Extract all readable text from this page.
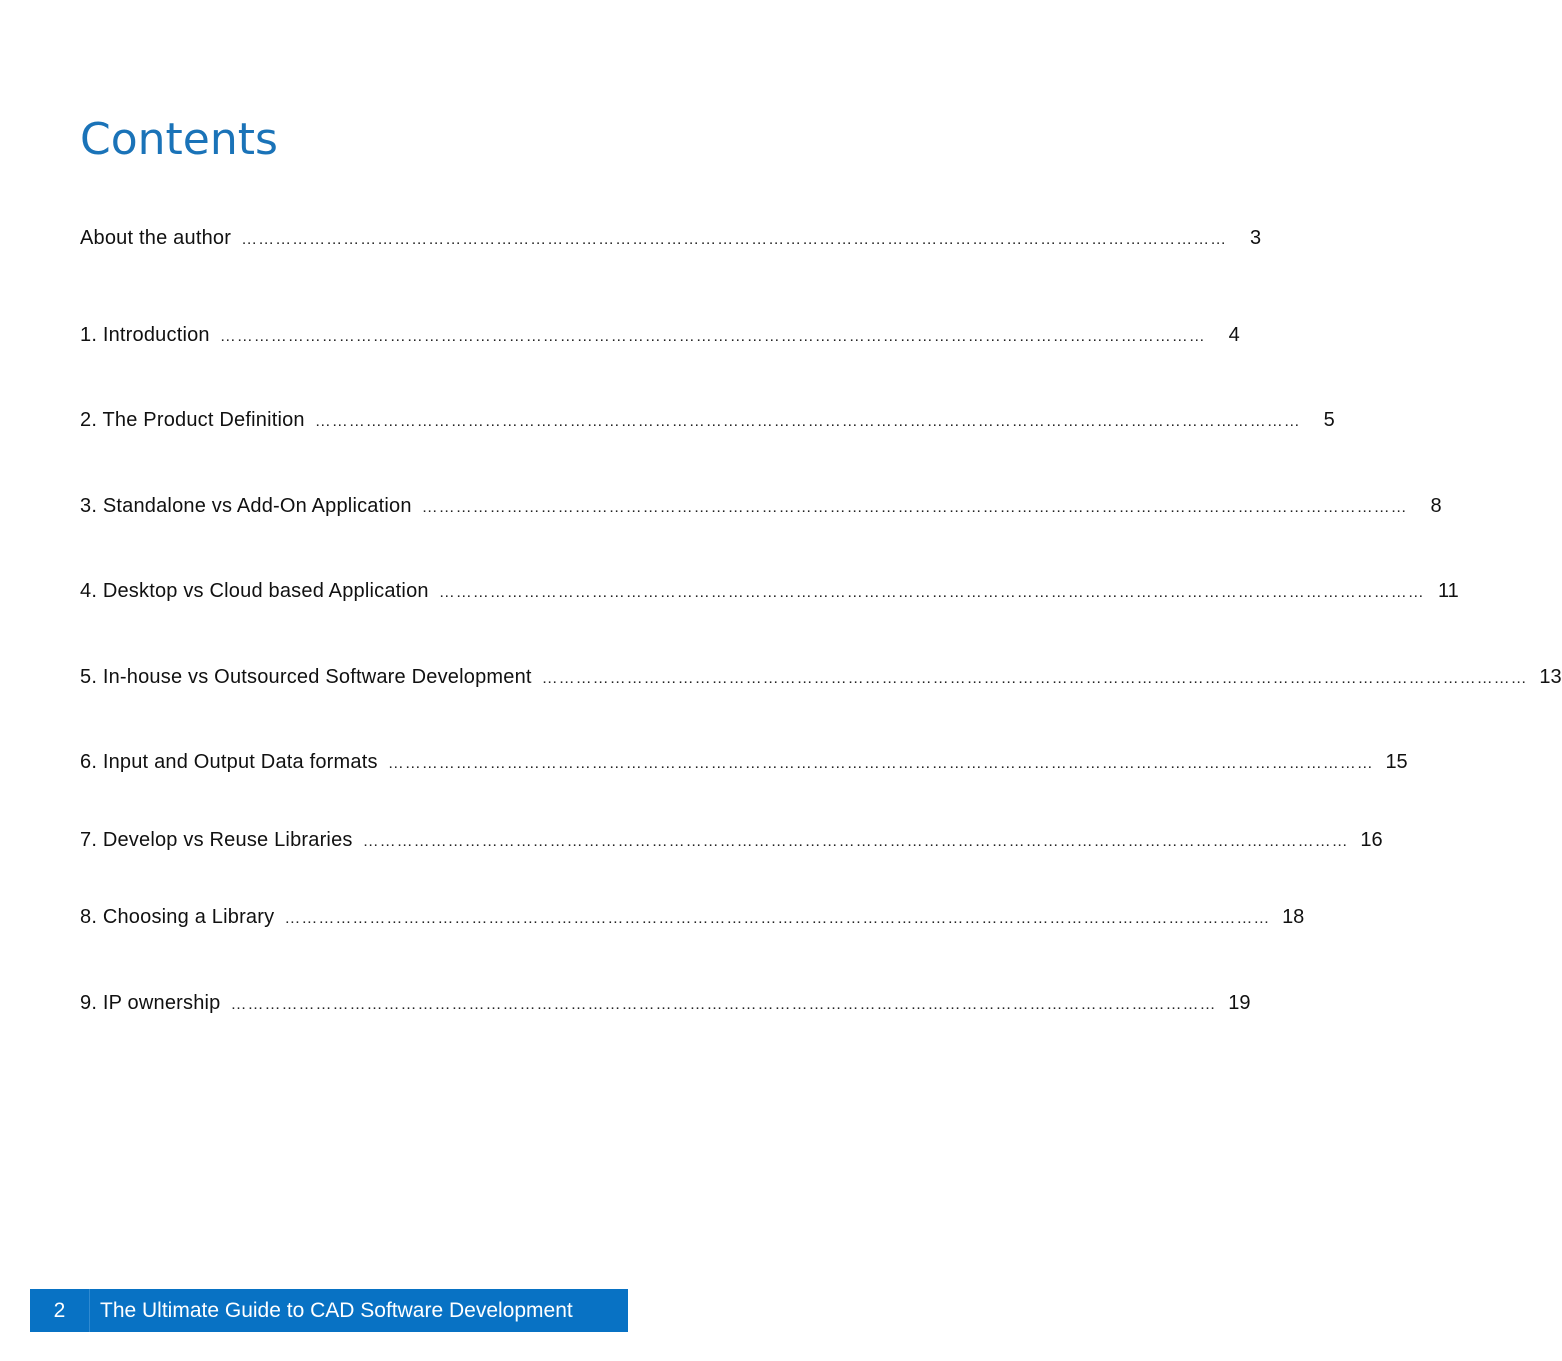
Contents
About the author …………………………………………………………………………………………………………………………………………………………	3
1. Introduction …………………………………………………………………………………………………………………………………………………………	4
2. The Product Definition …………………………………………………………………………………………………………………………………………………………	5
3. Standalone vs Add-On Application …………………………………………………………………………………………………………………………………………………………	8
4. Desktop vs Cloud based Application ………………………………………………………………………………………………………………………………………………………… 11
5. In-house vs Outsourced Software Development ………………………………………………………………………………………………………………………………………………………… 13
6. Input and Output Data formats ………………………………………………………………………………………………………………………………………………………… 15
7. Develop vs Reuse Libraries ………………………………………………………………………………………………………………………………………………………… 16
8. Choosing a Library ………………………………………………………………………………………………………………………………………………………… 18
9. IP ownership ………………………………………………………………………………………………………………………………………………………… 19
2	The Ultimate Guide to CAD Software Development
